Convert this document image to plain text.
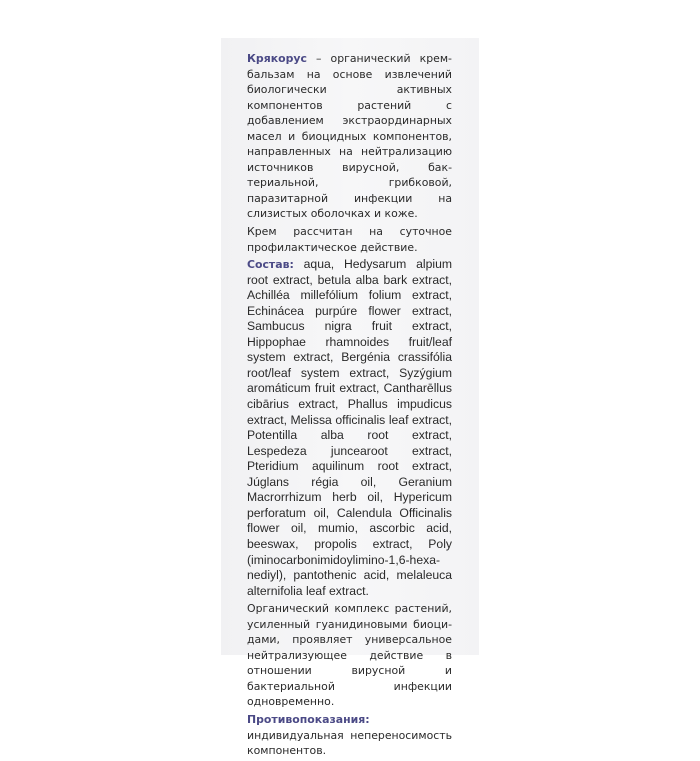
Крякорус – органический крем-бальзам на основе извлечений биологически активных компонентов растений с добавлением экстраординарных масел и биоцидных компонентов, направленных на нейтрализацию источников вирусной, бактериальной, грибковой, паразитарной инфекции на слизистых оболочках и коже.

Крем рассчитан на суточное профилактическое действие.

Состав: aqua, Hedysarum alpium root extract, betula alba bark extract, Achilléa millefólium folium extract, Echinácea purpúre flower extract, Sambucus nigra fruit extract, Hippophae rhamnoides fruit/leaf system extract, Bergénia crassifólia root/leaf system extract, Syzýgium aromáticum fruit extract, Cantharēllus cibārius extract, Phallus impudicus extract, Melissa officinalis leaf extract, Potentilla alba root extract, Lespedeza juncearoot extract, Pteridium aquilinum root extract, Júglans régia oil, Geranium Macrorrhizum herb oil, Hypericum perforatum oil, Calendula Officinalis flower oil, mumio, ascorbic acid, beeswax, propolis extract, Poly (iminocarbonimidoylimino-1,6-hexanediyl), pantothenic acid, melaleuca alternifolia leaf extract.

Органический комплекс растений, усиленный гуанидиновыми биоцидами, проявляет универсальное нейтрализующее действие в отношении вирусной и бактериальной инфекции одновременно.

Противопоказания: индивидуальная непереносимость компонентов.
